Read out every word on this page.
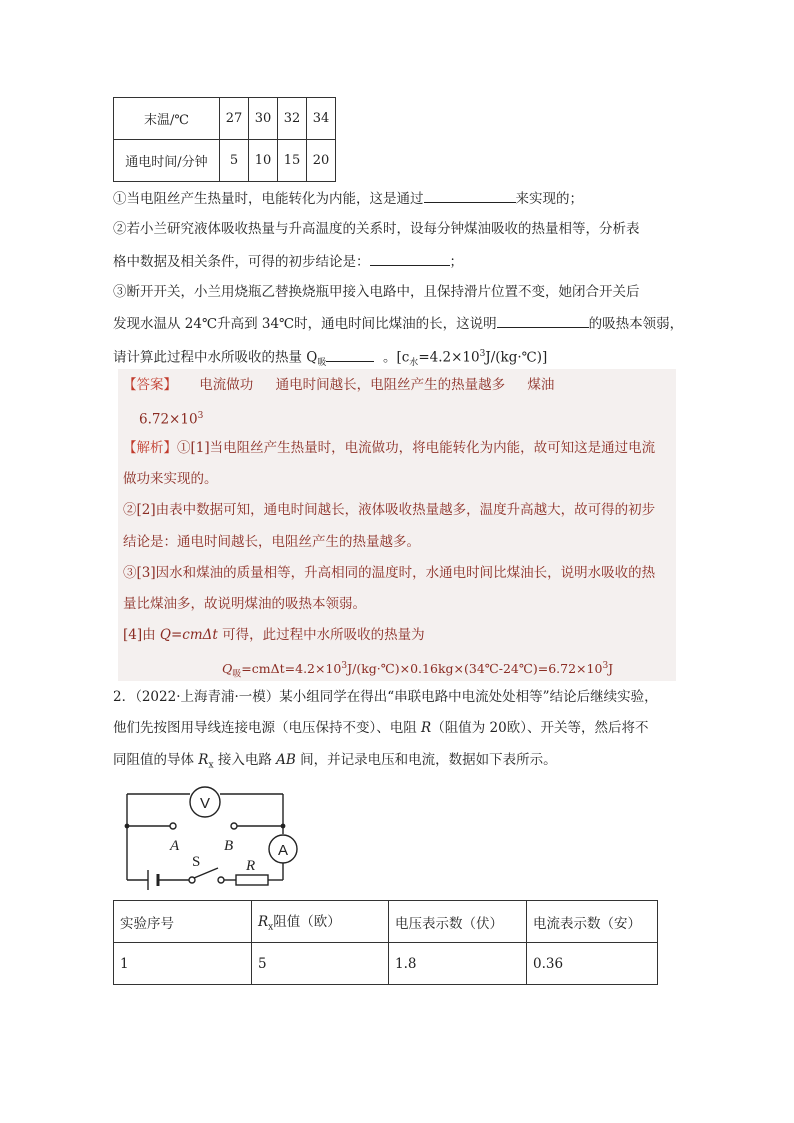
末温/℃	27	30	32	34
通电时间/分钟	5	10	15	20
①当电阻丝产生热量时，电能转化为内能，这是通过	来实现的；
②若小兰研究液体吸收热量与升高温度的关系时，设每分钟煤油吸收的热量相等，分析表
格中数据及相关条件，可得的初步结论是：	；
③断开开关，小兰用烧瓶乙替换烧瓶甲接入电路中，且保持滑片位置不变，她闭合开关后
发现水温从 24℃升高到 34℃时，通电时间比煤油的长，这说明	的吸热本领弱，
请计算此过程中水所吸收的热量 $Q_吸$	。$[c_水=4.2\times 10^3J/(kg\cdot℃)]$
【答案】 电流做功 通电时间越长，电阻丝产生的热量越多 煤油
$6.72\times 10^3$
【解析】①[1]当电阻丝产生热量时，电流做功，将电能转化为内能，故可知这是通过电流
做功来实现的。
②[2]由表中数据可知，通电时间越长，液体吸收热量越多，温度升高越大，故可得的初步
结论是：通电时间越长，电阻丝产生的热量越多。
③[3]因水和煤油的质量相等，升高相同的温度时，水通电时间比煤油长，说明水吸收的热
量比煤油多，故说明煤油的吸热本领弱。
[4]由 Q=cmΔt 可得，此过程中水所吸收的热量为
$Q_吸=cm\Delta t=4.2\times 10^3J/(kg\cdot℃)\times 0.16kg\times(34℃-24℃)=6.72\times 10^3J$
2．（2022·上海青浦·一模）某小组同学在得出“串联电路中电流处处相等”结论后继续实验，
他们先按图用导线连接电源（电压保持不变）、电阻 R（阻值为 20欧）、开关等，然后将不
同阻值的导体 $R_x$ 接入电路 AB 间，并记录电压和电流，数据如下表所示。
V
A
A	B
S	R
实验序号	$R_x$阻值（欧）	电压表示数（伏）	电流表示数（安）
1	5	1.8	0.36
